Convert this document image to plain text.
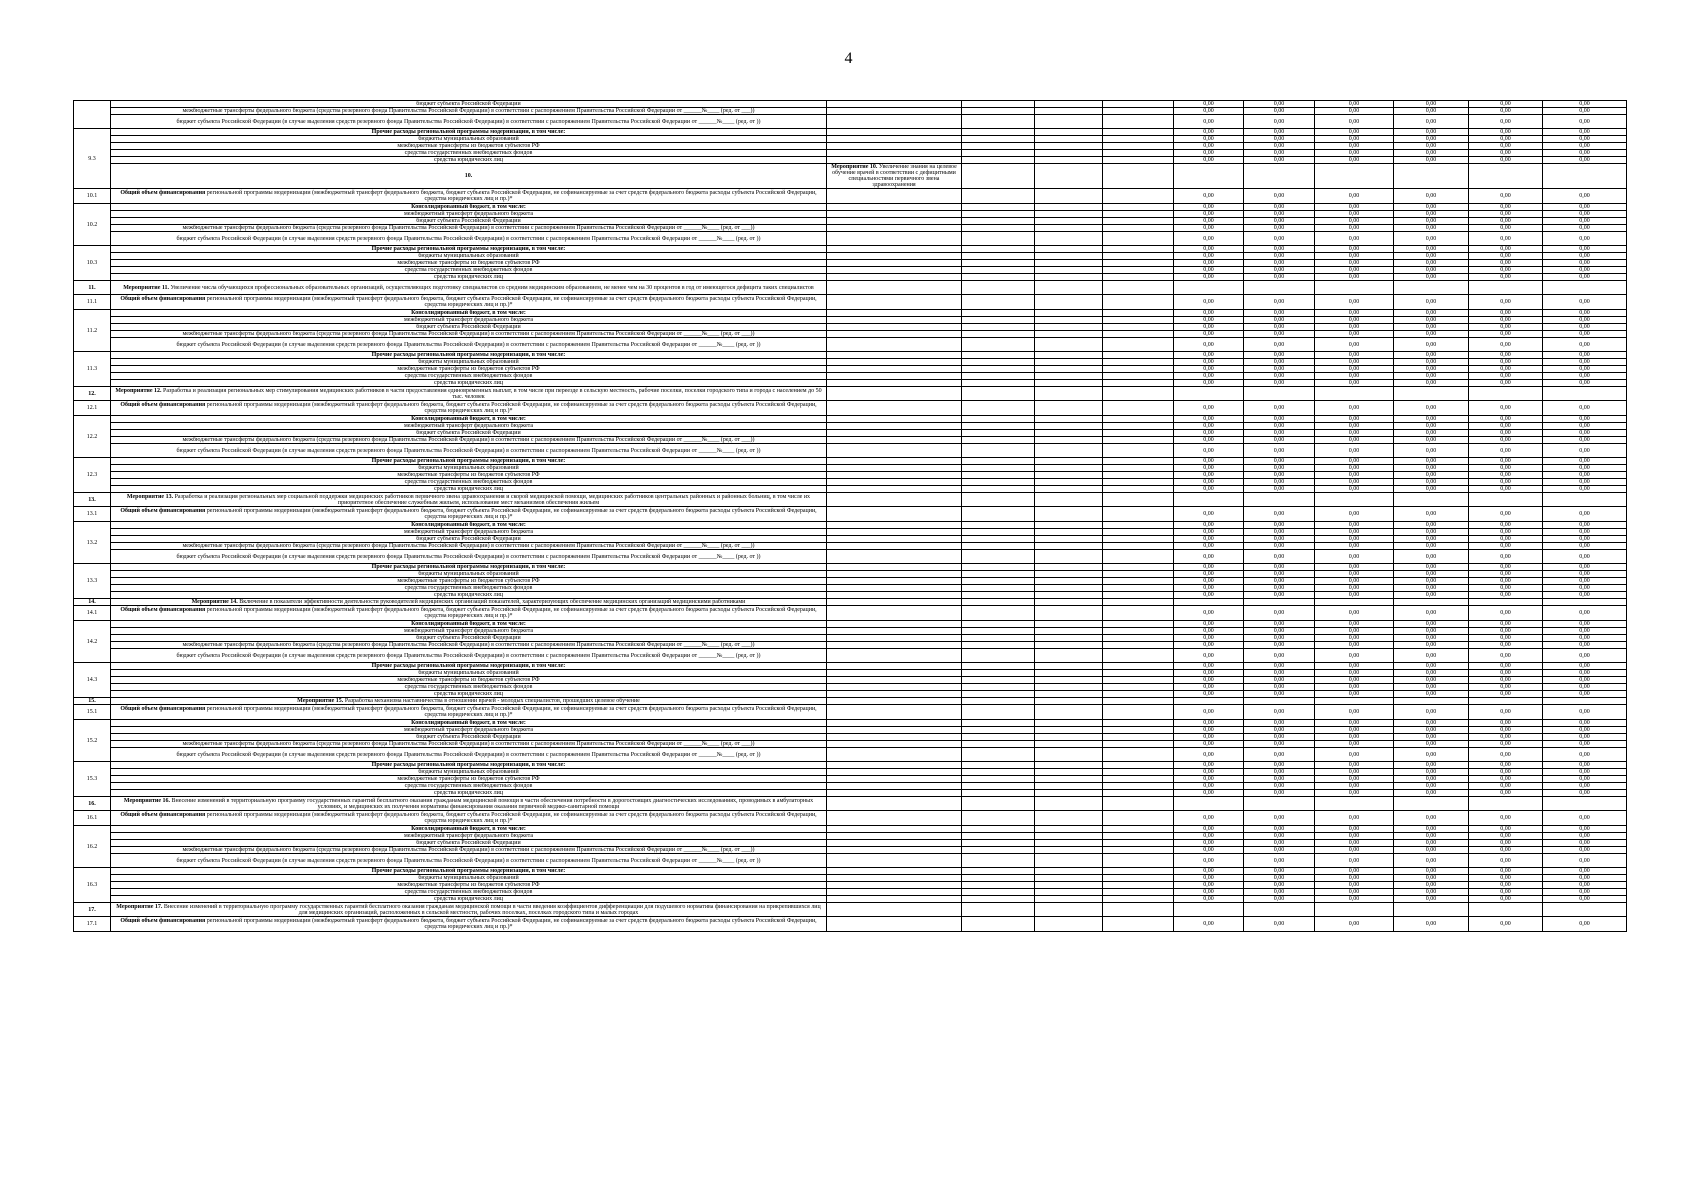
4
	бюджет субъекта Российской Федерации					0,00	0,00	0,00	0,00	0,00	0,00	
	межбюджетные трансферты федерального бюджета (средства резервного фонда Правительства Российской Федерации) в соответствии с распоряжением Правительства Российской Федерации от ______№____ (ред. от ___))					0,00	0,00	0,00	0,00	0,00	0,00	
	бюджет субъекта Российской Федерации (в случае выделения средств резервного фонда Правительства Российской Федерации) в соответствии с распоряжением Правительства Российской Федерации от ______№____ (ред. от ))					0,00	0,00	0,00	0,00	0,00	0,00	
9.3	Прочие расходы региональной программы модернизации, в том числе:					0,00	0,00	0,00	0,00	0,00	0,00	
	бюджеты муниципальных образований					0,00	0,00	0,00	0,00	0,00	0,00	
	межбюджетные трансферты из бюджетов субъектов РФ					0,00	0,00	0,00	0,00	0,00	0,00	
	средства государственных внебюджетных фондов					0,00	0,00	0,00	0,00	0,00	0,00	
	средства юридических лиц					0,00	0,00	0,00	0,00	0,00	0,00	
	10.	Мероприятие 10. Увеличение знания на целевое обучение врачей в соответствии с дефицитными специальностями первичного звена здравоохранения										
10.1	Общий объем финансирования региональной программы модернизации (межбюджетный трансферт федерального бюджета, бюджет субъекта Российской Федерации, не софинансируемые за счет средств федерального бюджета расходы субъекта Российской Федерации, средства юридических лиц и пр.)*					0,00	0,00	0,00	0,00	0,00	0,00	
10.2	Консолидированный бюджет, в том числе:					0,00	0,00	0,00	0,00	0,00	0,00	
	межбюджетный трансферт федерального бюджета					0,00	0,00	0,00	0,00	0,00	0,00	
	бюджет субъекта Российской Федерации					0,00	0,00	0,00	0,00	0,00	0,00	
	межбюджетные трансферты федерального бюджета (средства резервного фонда Правительства Российской Федерации) в соответствии с распоряжением Правительства Российской Федерации от ______№____ (ред. от ___))					0,00	0,00	0,00	0,00	0,00	0,00	
	бюджет субъекта Российской Федерации (в случае выделения средств резервного фонда Правительства Российской Федерации) в соответствии с распоряжением Правительства Российской Федерации от ______№____ (ред. от ))					0,00	0,00	0,00	0,00	0,00	0,00	
10.3	Прочие расходы региональной программы модернизации, в том числе:					0,00	0,00	0,00	0,00	0,00	0,00	
	бюджеты муниципальных образований					0,00	0,00	0,00	0,00	0,00	0,00	
	межбюджетные трансферты из бюджетов субъектов РФ					0,00	0,00	0,00	0,00	0,00	0,00	
	средства государственных внебюджетных фондов					0,00	0,00	0,00	0,00	0,00	0,00	
	средства юридических лиц					0,00	0,00	0,00	0,00	0,00	0,00	
11.	Мероприятие 11. Увеличение числа обучающихся профессиональных образовательных организаций, осуществляющих подготовку специалистов со средним медицинским образованием, не менее чем на 30 процентов в год от имеющегося дефицита таких специалистов											
11.1	Общий объем финансирования региональной программы модернизации (межбюджетный трансферт федерального бюджета, бюджет субъекта Российской Федерации, не софинансируемые за счет средств федерального бюджета расходы субъекта Российской Федерации, средства юридических лиц и пр.)*					0,00	0,00	0,00	0,00	0,00	0,00	
11.2	Консолидированный бюджет, в том числе:					0,00	0,00	0,00	0,00	0,00	0,00	
	межбюджетный трансферт федерального бюджета					0,00	0,00	0,00	0,00	0,00	0,00	
	бюджет субъекта Российской Федерации					0,00	0,00	0,00	0,00	0,00	0,00	
	межбюджетные трансферты федерального бюджета (средства резервного фонда Правительства Российской Федерации) в соответствии с распоряжением Правительства Российской Федерации от ______№____ (ред. от ___))					0,00	0,00	0,00	0,00	0,00	0,00	
	бюджет субъекта Российской Федерации (в случае выделения средств резервного фонда Правительства Российской Федерации) в соответствии с распоряжением Правительства Российской Федерации от ______№____ (ред. от ))					0,00	0,00	0,00	0,00	0,00	0,00	
11.3	Прочие расходы региональной программы модернизации, в том числе:					0,00	0,00	0,00	0,00	0,00	0,00	
	бюджеты муниципальных образований					0,00	0,00	0,00	0,00	0,00	0,00	
	межбюджетные трансферты из бюджетов субъектов РФ					0,00	0,00	0,00	0,00	0,00	0,00	
	средства государственных внебюджетных фондов					0,00	0,00	0,00	0,00	0,00	0,00	
	средства юридических лиц					0,00	0,00	0,00	0,00	0,00	0,00	
12.	Мероприятие 12. Разработка и реализация региональных мер стимулирования медицинских работников в части предоставления единовременных выплат, в том числе при переезде в сельскую местность, рабочие поселки, поселки городского типа и города с населением до 50 тыс. человек											
12.1	Общий объем финансирования региональной программы модернизации (межбюджетный трансферт федерального бюджета, бюджет субъекта Российской Федерации, не софинансируемые за счет средств федерального бюджета расходы субъекта Российской Федерации, средства юридических лиц и пр.)*					0,00	0,00	0,00	0,00	0,00	0,00	
12.2	Консолидированный бюджет, в том числе:					0,00	0,00	0,00	0,00	0,00	0,00	
	межбюджетный трансферт федерального бюджета					0,00	0,00	0,00	0,00	0,00	0,00	
	бюджет субъекта Российской Федерации					0,00	0,00	0,00	0,00	0,00	0,00	
	межбюджетные трансферты федерального бюджета (средства резервного фонда Правительства Российской Федерации) в соответствии с распоряжением Правительства Российской Федерации от ______№____ (ред. от ___))					0,00	0,00	0,00	0,00	0,00	0,00	
	бюджет субъекта Российской Федерации (в случае выделения средств резервного фонда Правительства Российской Федерации) в соответствии с распоряжением Правительства Российской Федерации от ______№____ (ред. от ))					0,00	0,00	0,00	0,00	0,00	0,00	
12.3	Прочие расходы региональной программы модернизации, в том числе:					0,00	0,00	0,00	0,00	0,00	0,00	
	бюджеты муниципальных образований					0,00	0,00	0,00	0,00	0,00	0,00	
	межбюджетные трансферты из бюджетов субъектов РФ					0,00	0,00	0,00	0,00	0,00	0,00	
	средства государственных внебюджетных фондов					0,00	0,00	0,00	0,00	0,00	0,00	
	средства юридических лиц					0,00	0,00	0,00	0,00	0,00	0,00	
13.	Мероприятие 13. Разработка и реализация региональных мер социальной поддержки медицинских работников первичного звена здравоохранения и скорой медицинской помощи, медицинских работников центральных районных и районных больниц, в том числе их приоритетное обеспечение служебным жильем, использование мест механизмов обеспечения жильем											
13.1	Общий объем финансирования региональной программы модернизации (межбюджетный трансферт федерального бюджета, бюджет субъекта Российской Федерации, не софинансируемые за счет средств федерального бюджета расходы субъекта Российской Федерации, средства юридических лиц и пр.)*					0,00	0,00	0,00	0,00	0,00	0,00	
13.2	Консолидированный бюджет, в том числе:					0,00	0,00	0,00	0,00	0,00	0,00	
	межбюджетный трансферт федерального бюджета					0,00	0,00	0,00	0,00	0,00	0,00	
	бюджет субъекта Российской Федерации					0,00	0,00	0,00	0,00	0,00	0,00	
	межбюджетные трансферты федерального бюджета (средства резервного фонда Правительства Российской Федерации) в соответствии с распоряжением Правительства Российской Федерации от ______№____ (ред. от ___))					0,00	0,00	0,00	0,00	0,00	0,00	
	бюджет субъекта Российской Федерации (в случае выделения средств резервного фонда Правительства Российской Федерации) в соответствии с распоряжением Правительства Российской Федерации от ______№____ (ред. от ))					0,00	0,00	0,00	0,00	0,00	0,00	
13.3	Прочие расходы региональной программы модернизации, в том числе:					0,00	0,00	0,00	0,00	0,00	0,00	
	бюджеты муниципальных образований					0,00	0,00	0,00	0,00	0,00	0,00	
	межбюджетные трансферты из бюджетов субъектов РФ					0,00	0,00	0,00	0,00	0,00	0,00	
	средства государственных внебюджетных фондов					0,00	0,00	0,00	0,00	0,00	0,00	
	средства юридических лиц					0,00	0,00	0,00	0,00	0,00	0,00	
14.	Мероприятие 14. Включение в показатели эффективности деятельности руководителей медицинских организаций показателей, характеризующих обеспечение медицинских организаций медицинскими работниками											
14.1	Общий объем финансирования региональной программы модернизации (межбюджетный трансферт федерального бюджета, бюджет субъекта Российской Федерации, не софинансируемые за счет средств федерального бюджета расходы субъекта Российской Федерации, средства юридических лиц и пр.)*					0,00	0,00	0,00	0,00	0,00	0,00	
14.2	Консолидированный бюджет, в том числе:					0,00	0,00	0,00	0,00	0,00	0,00	
	межбюджетный трансферт федерального бюджета					0,00	0,00	0,00	0,00	0,00	0,00	
	бюджет субъекта Российской Федерации					0,00	0,00	0,00	0,00	0,00	0,00	
	межбюджетные трансферты федерального бюджета (средства резервного фонда Правительства Российской Федерации) в соответствии с распоряжением Правительства Российской Федерации от ______№____ (ред. от ___))					0,00	0,00	0,00	0,00	0,00	0,00	
	бюджет субъекта Российской Федерации (в случае выделения средств резервного фонда Правительства Российской Федерации) в соответствии с распоряжением Правительства Российской Федерации от ______№____ (ред. от ))					0,00	0,00	0,00	0,00	0,00	0,00	
14.3	Прочие расходы региональной программы модернизации, в том числе:					0,00	0,00	0,00	0,00	0,00	0,00	
	бюджеты муниципальных образований					0,00	0,00	0,00	0,00	0,00	0,00	
	межбюджетные трансферты из бюджетов субъектов РФ					0,00	0,00	0,00	0,00	0,00	0,00	
	средства государственных внебюджетных фондов					0,00	0,00	0,00	0,00	0,00	0,00	
	средства юридических лиц					0,00	0,00	0,00	0,00	0,00	0,00	
15.	Мероприятие 15. Разработка механизма наставничества в отношении врачей - молодых специалистов, прошедших целевое обучение											
15.1	Общий объем финансирования региональной программы модернизации (межбюджетный трансферт федерального бюджета, бюджет субъекта Российской Федерации, не софинансируемые за счет средств федерального бюджета расходы субъекта Российской Федерации, средства юридических лиц и пр.)*					0,00	0,00	0,00	0,00	0,00	0,00	
15.2	Консолидированный бюджет, в том числе:					0,00	0,00	0,00	0,00	0,00	0,00	
	межбюджетный трансферт федерального бюджета					0,00	0,00	0,00	0,00	0,00	0,00	
	бюджет субъекта Российской Федерации					0,00	0,00	0,00	0,00	0,00	0,00	
	межбюджетные трансферты федерального бюджета (средства резервного фонда Правительства Российской Федерации) в соответствии с распоряжением Правительства Российской Федерации от ______№____ (ред. от ___))					0,00	0,00	0,00	0,00	0,00	0,00	
	бюджет субъекта Российской Федерации (в случае выделения средств резервного фонда Правительства Российской Федерации) в соответствии с распоряжением Правительства Российской Федерации от ______№____ (ред. от ))					0,00	0,00	0,00	0,00	0,00	0,00	
15.3	Прочие расходы региональной программы модернизации, в том числе:					0,00	0,00	0,00	0,00	0,00	0,00	
	бюджеты муниципальных образований					0,00	0,00	0,00	0,00	0,00	0,00	
	межбюджетные трансферты из бюджетов субъектов РФ					0,00	0,00	0,00	0,00	0,00	0,00	
	средства государственных внебюджетных фондов					0,00	0,00	0,00	0,00	0,00	0,00	
	средства юридических лиц					0,00	0,00	0,00	0,00	0,00	0,00	
16.	Мероприятие 16. Внесение изменений в территориальную программу государственных гарантий бесплатного оказания гражданам медицинской помощи в части обеспечения потребности в дорогостоящих диагностических исследованиях, проводимых в амбулаторных условиях, и медицинских их получения нормативы финансирования оказания первичной медико-санитарной помощи											
16.1	Общий объем финансирования региональной программы модернизации (межбюджетный трансферт федерального бюджета, бюджет субъекта Российской Федерации, не софинансируемые за счет средств федерального бюджета расходы субъекта Российской Федерации, средства юридических лиц и пр.)*					0,00	0,00	0,00	0,00	0,00	0,00	
16.2	Консолидированный бюджет, в том числе:					0,00	0,00	0,00	0,00	0,00	0,00	
	межбюджетный трансферт федерального бюджета					0,00	0,00	0,00	0,00	0,00	0,00	
	бюджет субъекта Российской Федерации					0,00	0,00	0,00	0,00	0,00	0,00	
	межбюджетные трансферты федерального бюджета (средства резервного фонда Правительства Российской Федерации) в соответствии с распоряжением Правительства Российской Федерации от ______№____ (ред. от ___))					0,00	0,00	0,00	0,00	0,00	0,00	
	бюджет субъекта Российской Федерации (в случае выделения средств резервного фонда Правительства Российской Федерации) в соответствии с распоряжением Правительства Российской Федерации от ______№____ (ред. от ))					0,00	0,00	0,00	0,00	0,00	0,00	
16.3	Прочие расходы региональной программы модернизации, в том числе:					0,00	0,00	0,00	0,00	0,00	0,00	
	бюджеты муниципальных образований					0,00	0,00	0,00	0,00	0,00	0,00	
	межбюджетные трансферты из бюджетов субъектов РФ					0,00	0,00	0,00	0,00	0,00	0,00	
	средства государственных внебюджетных фондов					0,00	0,00	0,00	0,00	0,00	0,00	
	средства юридических лиц					0,00	0,00	0,00	0,00	0,00	0,00	
17.	Мероприятие 17. Внесение изменений в территориальную программу государственных гарантий бесплатного оказания гражданам медицинской помощи в части введения коэффициентов дифференциации для подушевого норматива финансирования на прикрепившихся лиц для медицинских организаций, расположенных в сельской местности, рабочих поселках, поселках городского типа и малых городах											
17.1	Общий объем финансирования региональной программы модернизации (межбюджетный трансферт федерального бюджета, бюджет субъекта Российской Федерации, не софинансируемые за счет средств федерального бюджета расходы субъекта Российской Федерации, средства юридических лиц и пр.)*					0,00	0,00	0,00	0,00	0,00	0,00	
